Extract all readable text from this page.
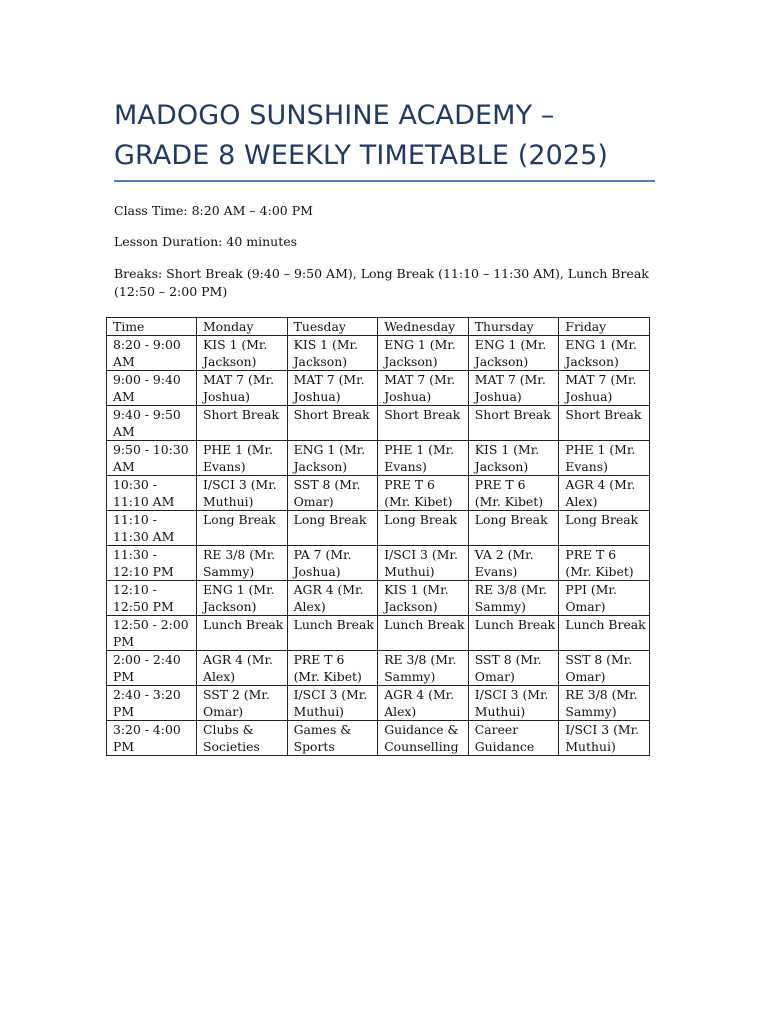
MADOGO SUNSHINE ACADEMY –
GRADE 8 WEEKLY TIMETABLE (2025)
Class Time: 8:20 AM – 4:00 PM
Lesson Duration: 40 minutes
Breaks: Short Break (9:40 – 9:50 AM), Long Break (11:10 – 11:30 AM), Lunch Break (12:50 – 2:00 PM)
Time	Monday	Tuesday	Wednesday	Thursday	Friday
8:20 - 9:00 AM	KIS 1 (Mr. Jackson)	KIS 1 (Mr. Jackson)	ENG 1 (Mr. Jackson)	ENG 1 (Mr. Jackson)	ENG 1 (Mr. Jackson)
9:00 - 9:40 AM	MAT 7 (Mr. Joshua)	MAT 7 (Mr. Joshua)	MAT 7 (Mr. Joshua)	MAT 7 (Mr. Joshua)	MAT 7 (Mr. Joshua)
9:40 - 9:50 AM	Short Break	Short Break	Short Break	Short Break	Short Break
9:50 - 10:30 AM	PHE 1 (Mr. Evans)	ENG 1 (Mr. Jackson)	PHE 1 (Mr. Evans)	KIS 1 (Mr. Jackson)	PHE 1 (Mr. Evans)
10:30 - 11:10 AM	I/SCI 3 (Mr. Muthui)	SST 8 (Mr. Omar)	PRE T 6 (Mr. Kibet)	PRE T 6 (Mr. Kibet)	AGR 4 (Mr. Alex)
11:10 - 11:30 AM	Long Break	Long Break	Long Break	Long Break	Long Break
11:30 - 12:10 PM	RE 3/8 (Mr. Sammy)	PA 7 (Mr. Joshua)	I/SCI 3 (Mr. Muthui)	VA 2 (Mr. Evans)	PRE T 6 (Mr. Kibet)
12:10 - 12:50 PM	ENG 1 (Mr. Jackson)	AGR 4 (Mr. Alex)	KIS 1 (Mr. Jackson)	RE 3/8 (Mr. Sammy)	PPI (Mr. Omar)
12:50 - 2:00 PM	Lunch Break	Lunch Break	Lunch Break	Lunch Break	Lunch Break
2:00 - 2:40 PM	AGR 4 (Mr. Alex)	PRE T 6 (Mr. Kibet)	RE 3/8 (Mr. Sammy)	SST 8 (Mr. Omar)	SST 8 (Mr. Omar)
2:40 - 3:20 PM	SST 2 (Mr. Omar)	I/SCI 3 (Mr. Muthui)	AGR 4 (Mr. Alex)	I/SCI 3 (Mr. Muthui)	RE 3/8 (Mr. Sammy)
3:20 - 4:00 PM	Clubs & Societies	Games & Sports	Guidance & Counselling	Career Guidance	I/SCI 3 (Mr. Muthui)
